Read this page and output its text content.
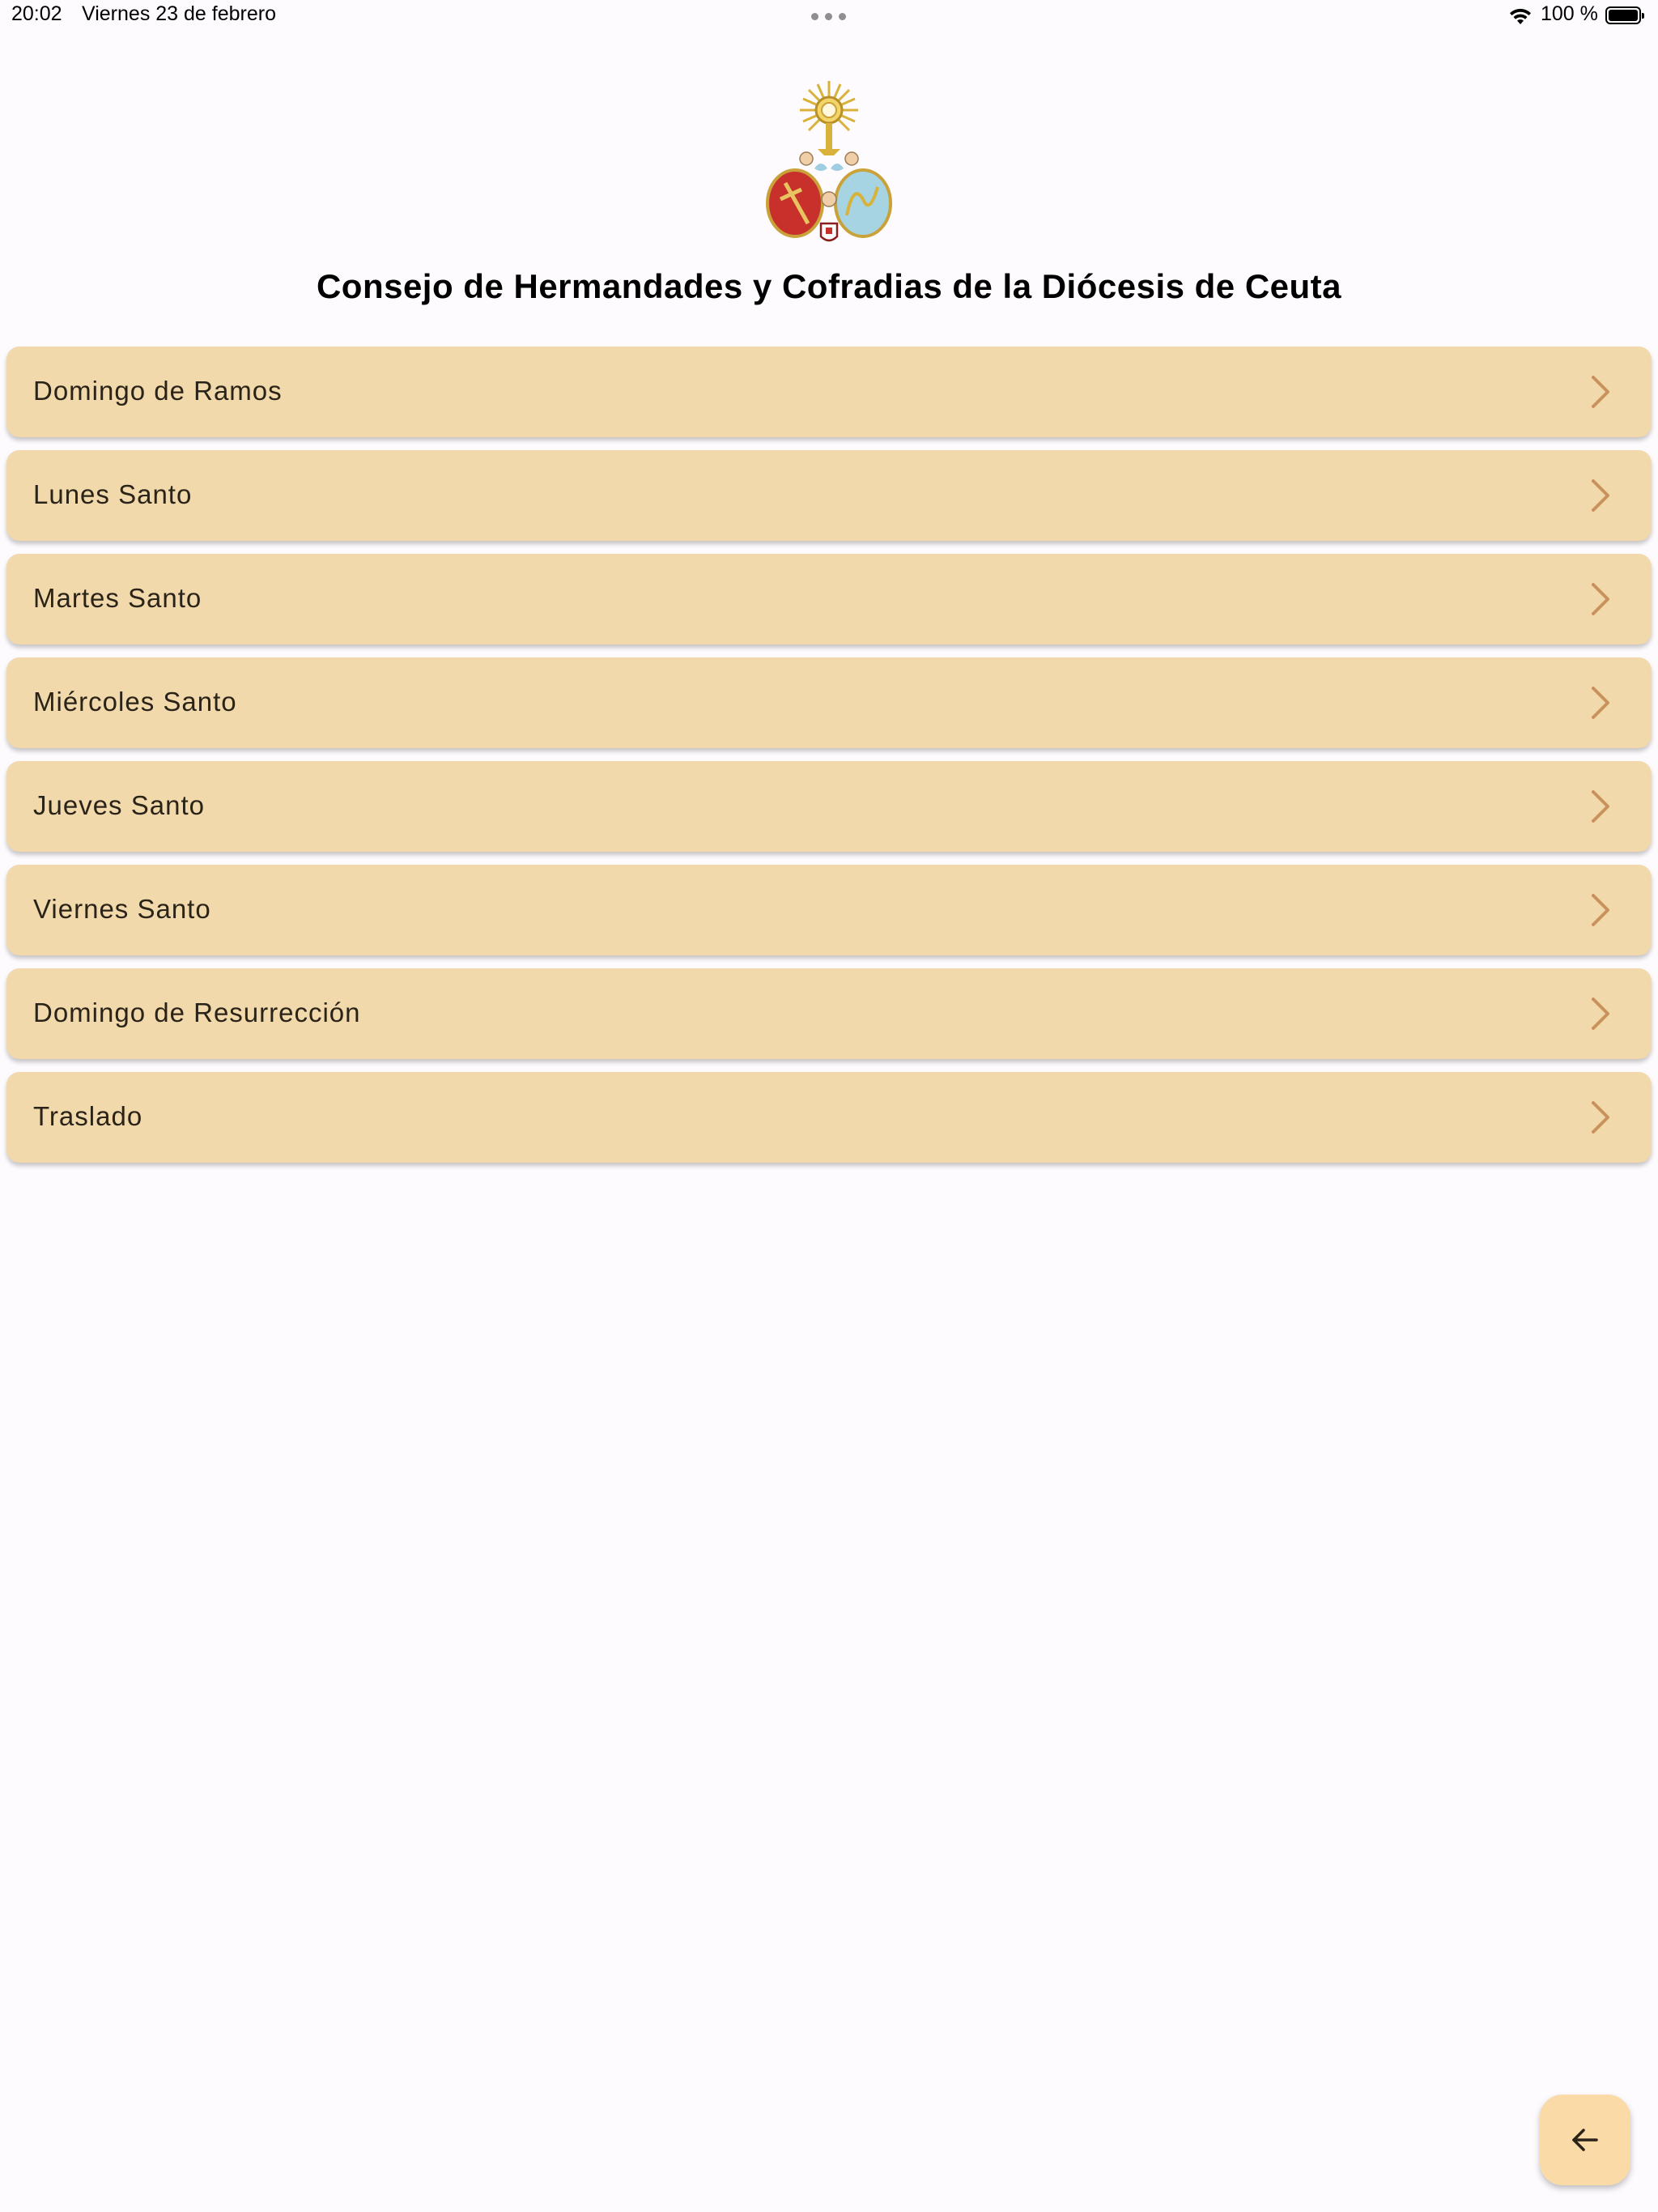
20:02 Viernes 23 de febrero	100 %
Consejo de Hermandades y Cofradias de la Diócesis de Ceuta
Domingo de Ramos
Lunes Santo
Martes Santo
Miércoles Santo
Jueves Santo
Viernes Santo
Domingo de Resurrección
Traslado
